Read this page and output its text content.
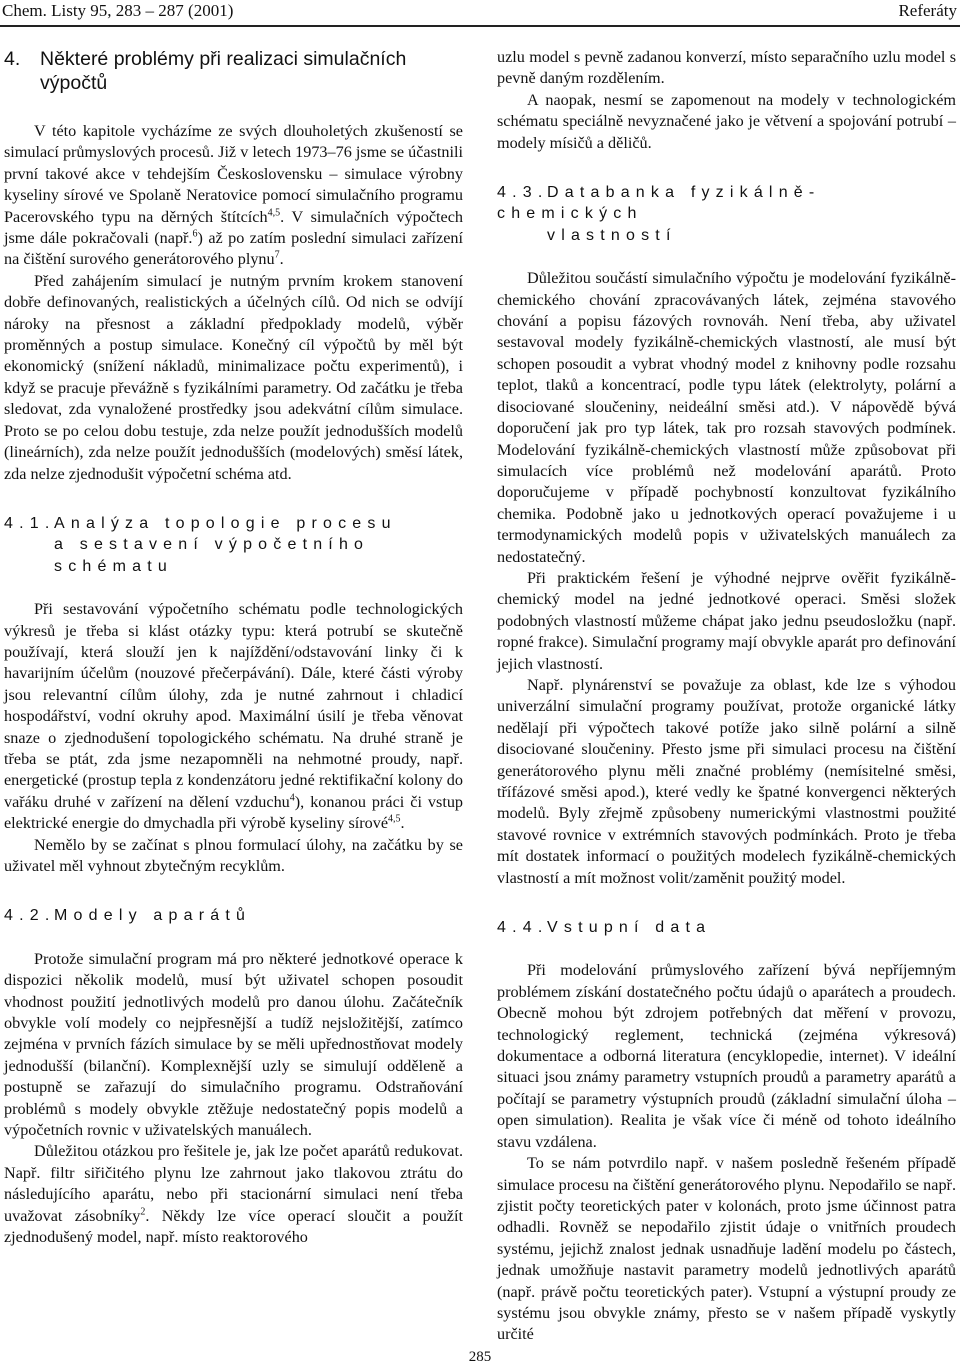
Chem. Listy 95, 283 – 287 (2001)	Referáty
4. Některé problémy při realizaci simulačních
výpočtů

V této kapitole vycházíme ze svých dlouholetých zkušeností se simulací průmyslových procesů. Již v letech 1973–76 jsme se účastnili první takové akce v tehdejším Československu – simulace výrobny kyseliny sírové ve Spolaně Neratovice pomocí simulačního programu Pacerovského typu na děrných štítcích$^{4,5}$. V simulačních výpočtech jsme dále pokračovali (např.$^6$) až po zatím poslední simulaci zařízení na čištění surového generátorového plynu$^7$.

Před zahájením simulací je nutným prvním krokem stanovení dobře definovaných, realistických a účelných cílů. Od nich se odvíjí nároky na přesnost a základní předpoklady modelů, výběr proměnných a postup simulace. Konečný cíl výpočtů by měl být ekonomický (snížení nákladů, minimalizace počtu experimentů), i když se pracuje převážně s fyzikálními parametry. Od začátku je třeba sledovat, zda vynaložené prostředky jsou adekvátní cílům simulace. Proto se po celou dobu testuje, zda nelze použít jednodušších modelů (lineárních), zda nelze použít jednodušších (modelových) směsí látek, zda nelze zjednodušit výpočetní schéma atd.

4.1.Analýza topologie procesu
a sestavení výpočetního
schématu

Při sestavování výpočetního schématu podle technologických výkresů je třeba si klást otázky typu: která potrubí se skutečně používají, která slouží jen k najíždění/odstavování linky či k havarijním účelům (nouzové přečerpávání). Dále, které části výroby jsou relevantní cílům úlohy, zda je nutné zahrnout i chladicí hospodářství, vodní okruhy apod. Maximální úsilí je třeba věnovat snaze o zjednodušení topologického schématu. Na druhé straně je třeba se ptát, zda jsme nezapomněli na nehmotné proudy, např. energetické (prostup tepla z kondenzátoru jedné rektifikační kolony do vařáku druhé v zařízení na dělení vzduchu$^4$), konanou práci či vstup elektrické energie do dmychadla při výrobě kyseliny sírové$^{4,5}$.

Nemělo by se začínat s plnou formulací úlohy, na začátku by se uživatel měl vyhnout zbytečným recyklům.

4.2.Modely aparátů

Protože simulační program má pro některé jednotkové operace k dispozici několik modelů, musí být uživatel schopen posoudit vhodnost použití jednotlivých modelů pro danou úlohu. Začátečník obvykle volí modely co nejpřesnější a tudíž nejsložitější, zatímco zejména v prvních fázích simulace by se měli upřednostňovat modely jednodušší (bilanční). Komplexnější uzly se simulují odděleně a postupně se zařazují do simulačního programu. Odstraňování problémů s modely obvykle ztěžuje nedostatečný popis modelů a výpočetních rovnic v uživatelských manuálech.

Důležitou otázkou pro řešitele je, jak lze počet aparátů redukovat. Např. filtr siřičitého plynu lze zahrnout jako tlakovou ztrátu do následujícího aparátu, nebo při stacionární simulaci není třeba uvažovat zásobníky$^2$. Někdy lze více operací sloučit a použít zjednodušený model, např. místo reaktorového

uzlu model s pevně zadanou konverzí, místo separačního uzlu model s pevně daným rozdělením.

A naopak, nesmí se zapomenout na modely v technologickém schématu speciálně nevyznačené jako je větvení a spojování potrubí – modely mísičů a děličů.

4.3.Databanka fyzikálně-chemických
vlastností

Důležitou součástí simulačního výpočtu je modelování fyzikálně-chemického chování zpracovávaných látek, zejména stavového chování a popisu fázových rovnováh. Není třeba, aby uživatel sestavoval modely fyzikálně-chemických vlastností, ale musí být schopen posoudit a vybrat vhodný model z knihovny podle rozsahu teplot, tlaků a koncentrací, podle typu látek (elektrolyty, polární a disociované sloučeniny, neideální směsi atd.). V nápovědě bývá doporučení jak pro typ látek, tak pro rozsah stavových podmínek. Modelování fyzikálně-chemických vlastností může způsobovat při simulacích více problémů než modelování aparátů. Proto doporučujeme v případě pochybností konzultovat fyzikálního chemika. Podobně jako u jednotkových operací považujeme i u termodynamických modelů popis v uživatelských manuálech za nedostatečný.

Při praktickém řešení je výhodné nejprve ověřit fyzikálně-chemický model na jedné jednotkové operaci. Směsi složek podobných vlastností můžeme chápat jako jednu pseudosložku (např. ropné frakce). Simulační programy mají obvykle aparát pro definování jejich vlastností.

Např. plynárenství se považuje za oblast, kde lze s výhodou univerzální simulační programy používat, protože organické látky nedělají při výpočtech takové potíže jako silně polární a silně disociované sloučeniny. Přesto jsme při simulaci procesu na čištění generátorového plynu měli značné problémy (nemísitelné směsi, třífázové směsi apod.), které vedly ke špatné konvergenci některých modelů. Byly zřejmě způsobeny numerickými vlastnostmi použité stavové rovnice v extrémních stavových podmínkách. Proto je třeba mít dostatek informací o použitých modelech fyzikálně-chemických vlastností a mít možnost volit/zaměnit použitý model.

4.4.Vstupní data

Při modelování průmyslového zařízení bývá nepříjemným problémem získání dostatečného počtu údajů o aparátech a proudech. Obecně mohou být zdrojem potřebných dat měření v provozu, technologický reglement, technická (zejména výkresová) dokumentace a odborná literatura (encyklopedie, internet). V ideální situaci jsou známy parametry vstupních proudů a parametry aparátů a počítají se parametry výstupních proudů (základní simulační úloha – open simulation). Realita je však více či méně od tohoto ideálního stavu vzdálena.

To se nám potvrdilo např. v našem posledně řešeném případě simulace procesu na čištění generátorového plynu. Nepodařilo se např. zjistit počty teoretických pater v kolonách, proto jsme účinnost patra odhadli. Rovněž se nepodařilo zjistit údaje o vnitřních proudech systému, jejichž znalost jednak usnadňuje ladění modelu po částech, jednak umožňuje nastavit parametry modelů jednotlivých aparátů (např. právě počtu teoretických pater). Vstupní a výstupní proudy ze systému jsou obvykle známy, přesto se v našem případě vyskytly určité

285
